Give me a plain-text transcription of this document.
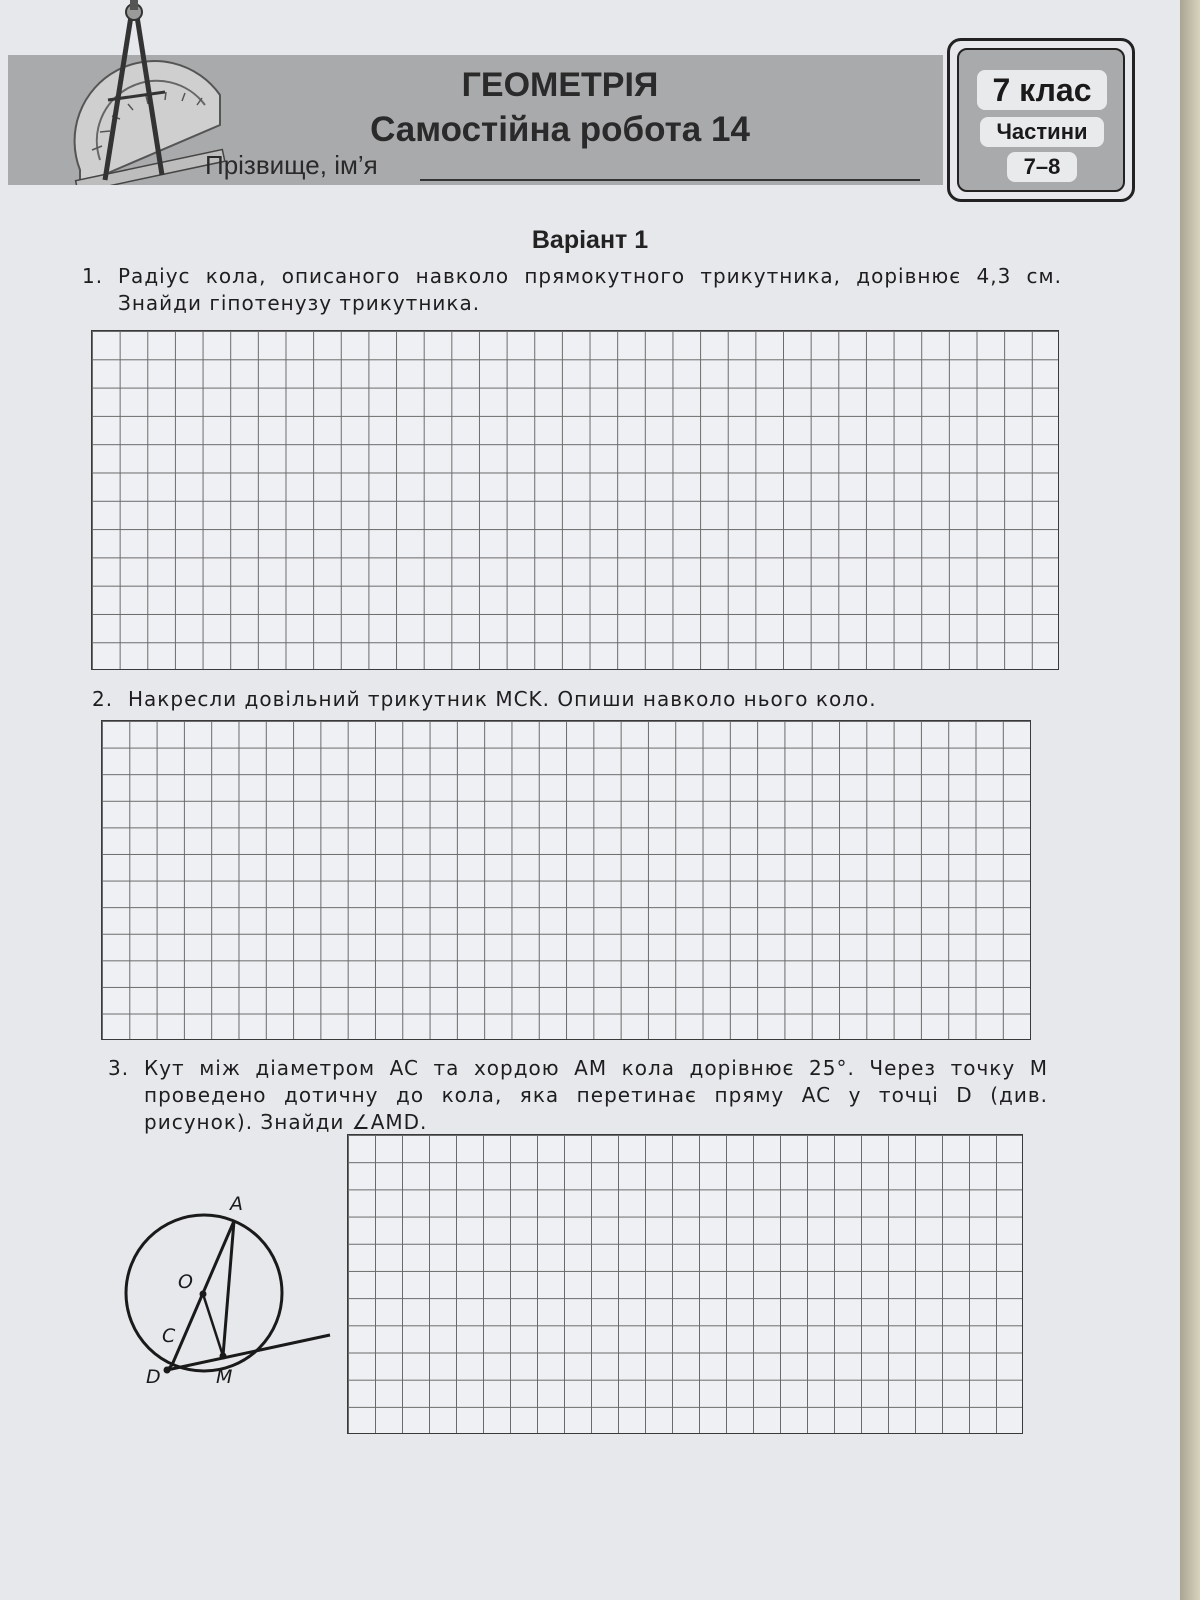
ГЕОМЕТРІЯ
Самостійна робота 14
Прізвище, ім’я
7 клас
Частини
7–8
Варіант 1
1. Радіус кола, описаного навколо прямокутного трикутника, дорівнює 4,3 см. Знайди гіпотенузу трикутника.
2. Накресли довільний трикутник MCK. Опиши навколо нього коло.
3. Кут між діаметром AC та хордою AM кола дорівнює 25°. Через точку M проведено дотичну до кола, яка перетинає пряму AC у точці D (див. рисунок). Знайди ∠AMD.
A
O
C
D	M
